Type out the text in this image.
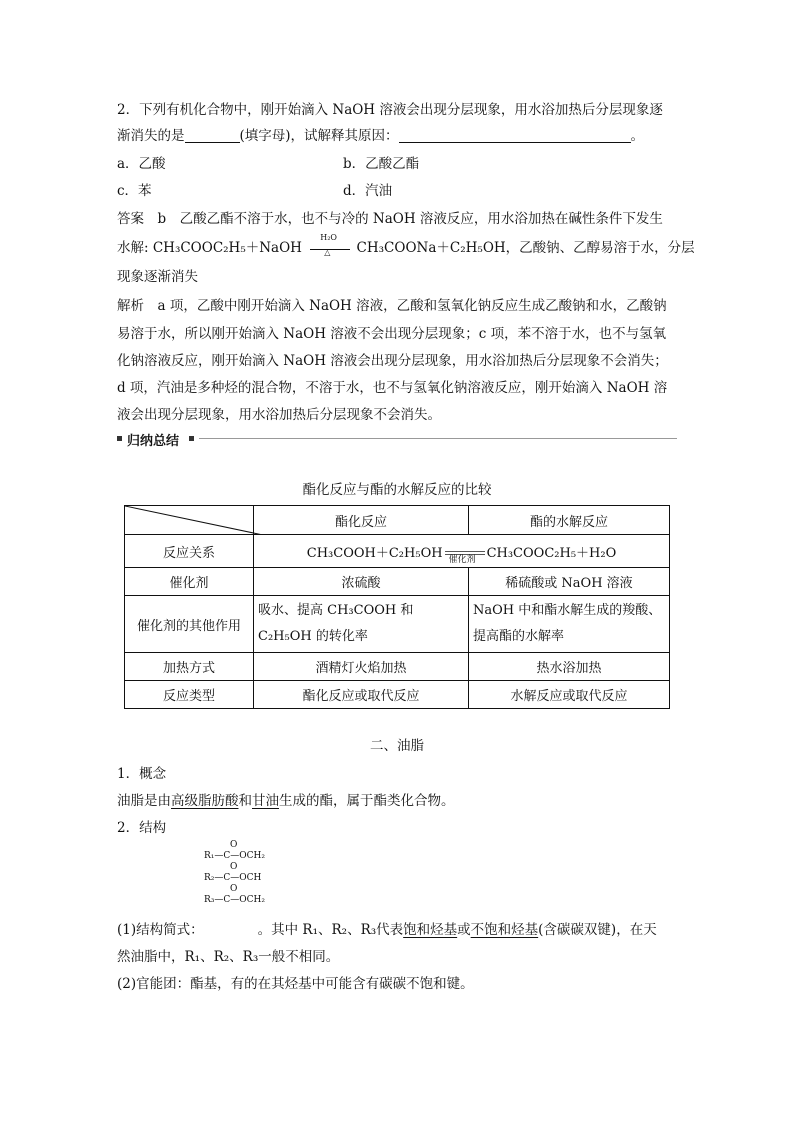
2．下列有机化合物中，刚开始滴入 NaOH 溶液会出现分层现象，用水浴加热后分层现象逐
渐消失的是	(填字母)，试解释其原因：	。
a．乙酸	b．乙酸乙酯
c．苯	d．汽油
答案　b　乙酸乙酯不溶于水，也不与冷的 NaOH 溶液反应，用水浴加热在碱性条件下发生
水解: CH₃COOC₂H₅＋NaOH
H₂O
△ CH₃COONa＋C₂H₅OH，乙酸钠、乙醇易溶于水，分层
现象逐渐消失
解析　a 项，乙酸中刚开始滴入 NaOH 溶液，乙酸和氢氧化钠反应生成乙酸钠和水，乙酸钠
易溶于水，所以刚开始滴入 NaOH 溶液不会出现分层现象；c 项，苯不溶于水，也不与氢氧
化钠溶液反应，刚开始滴入 NaOH 溶液会出现分层现象，用水浴加热后分层现象不会消失；
d 项，汽油是多种烃的混合物，不溶于水，也不与氢氧化钠溶液反应，刚开始滴入 NaOH 溶
液会出现分层现象，用水浴加热后分层现象不会消失。
归纳总结
酯化反应与酯的水解反应的比较
	酯化反应	酯的水解反应
反应关系	CH₃COOH＋C₂H₅OH 催化剂 CH₃COOC₂H₅＋H₂O	
催化剂	浓硫酸	稀硫酸或 NaOH 溶液
催化剂的其他作用	吸水、提高 CH₃COOH 和 C₂H₅OH 的转化率	NaOH 中和酯水解生成的羧酸、提高酯的水解率
加热方式	酒精灯火焰加热	热水浴加热
反应类型	酯化反应或取代反应	水解反应或取代反应
二、油脂
1．概念
油脂是由高级脂肪酸和甘油生成的酯，属于酯类化合物。
2．结构
O
R₁—C—OCH₂
O
R₂—C—OCH
O
R₃—C—OCH₂
(1)结构简式：	。其中 R₁、R₂、R₃代表饱和烃基或不饱和烃基(含碳碳双键)，在天
然油脂中，R₁、R₂、R₃一般不相同。
(2)官能团：酯基，有的在其烃基中可能含有碳碳不饱和键。
